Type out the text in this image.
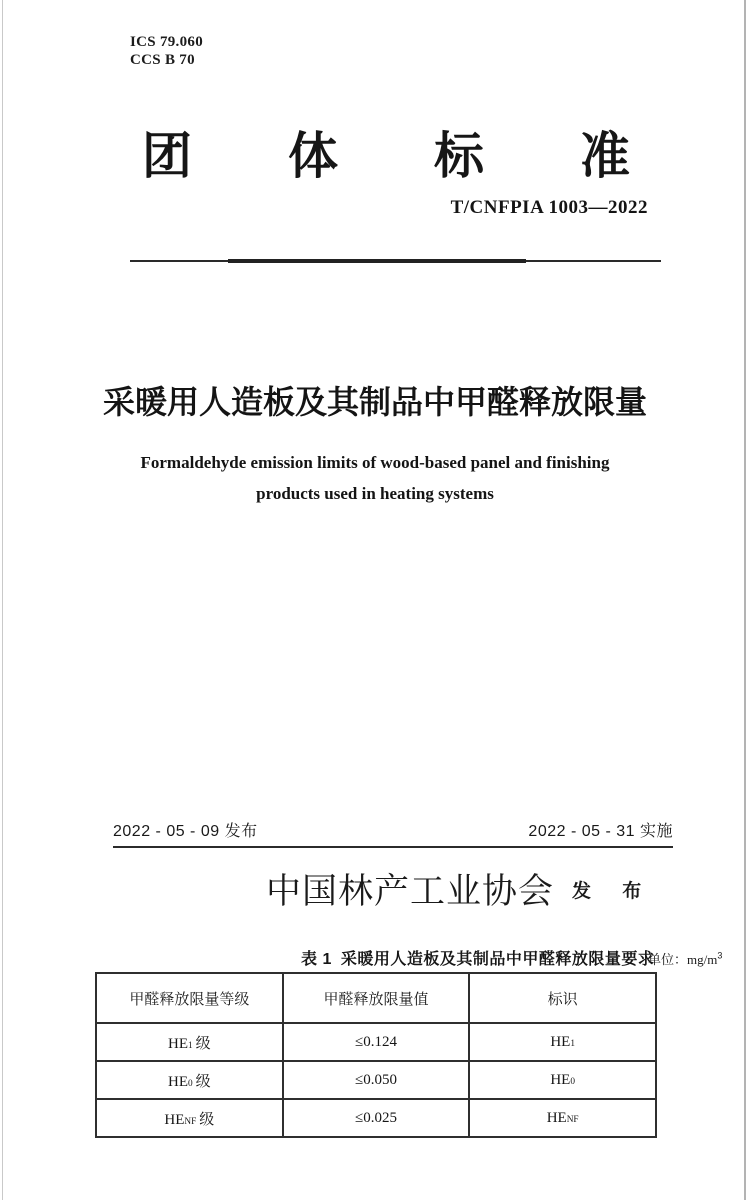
ICS 79.060
CCS B 70
团体标准
T/CNFPIA 1003—2022
采暖用人造板及其制品中甲醛释放限量
Formaldehyde emission limits of wood-based panel and finishing
products used in heating systems
2022 - 05 - 09 发布	2022 - 05 - 31 实施
中国林产工业协会 发 布
表 1 采暖用人造板及其制品中甲醛释放限量要求
单位：$mg/m^3$
甲醛释放限量等级	甲醛释放限量值	标识
$HE_1$ 级	≤0.124	$HE_1$
$HE_0$ 级	≤0.050	$HE_0$
$HE_{NF}$ 级	≤0.025	$HE_{NF}$
